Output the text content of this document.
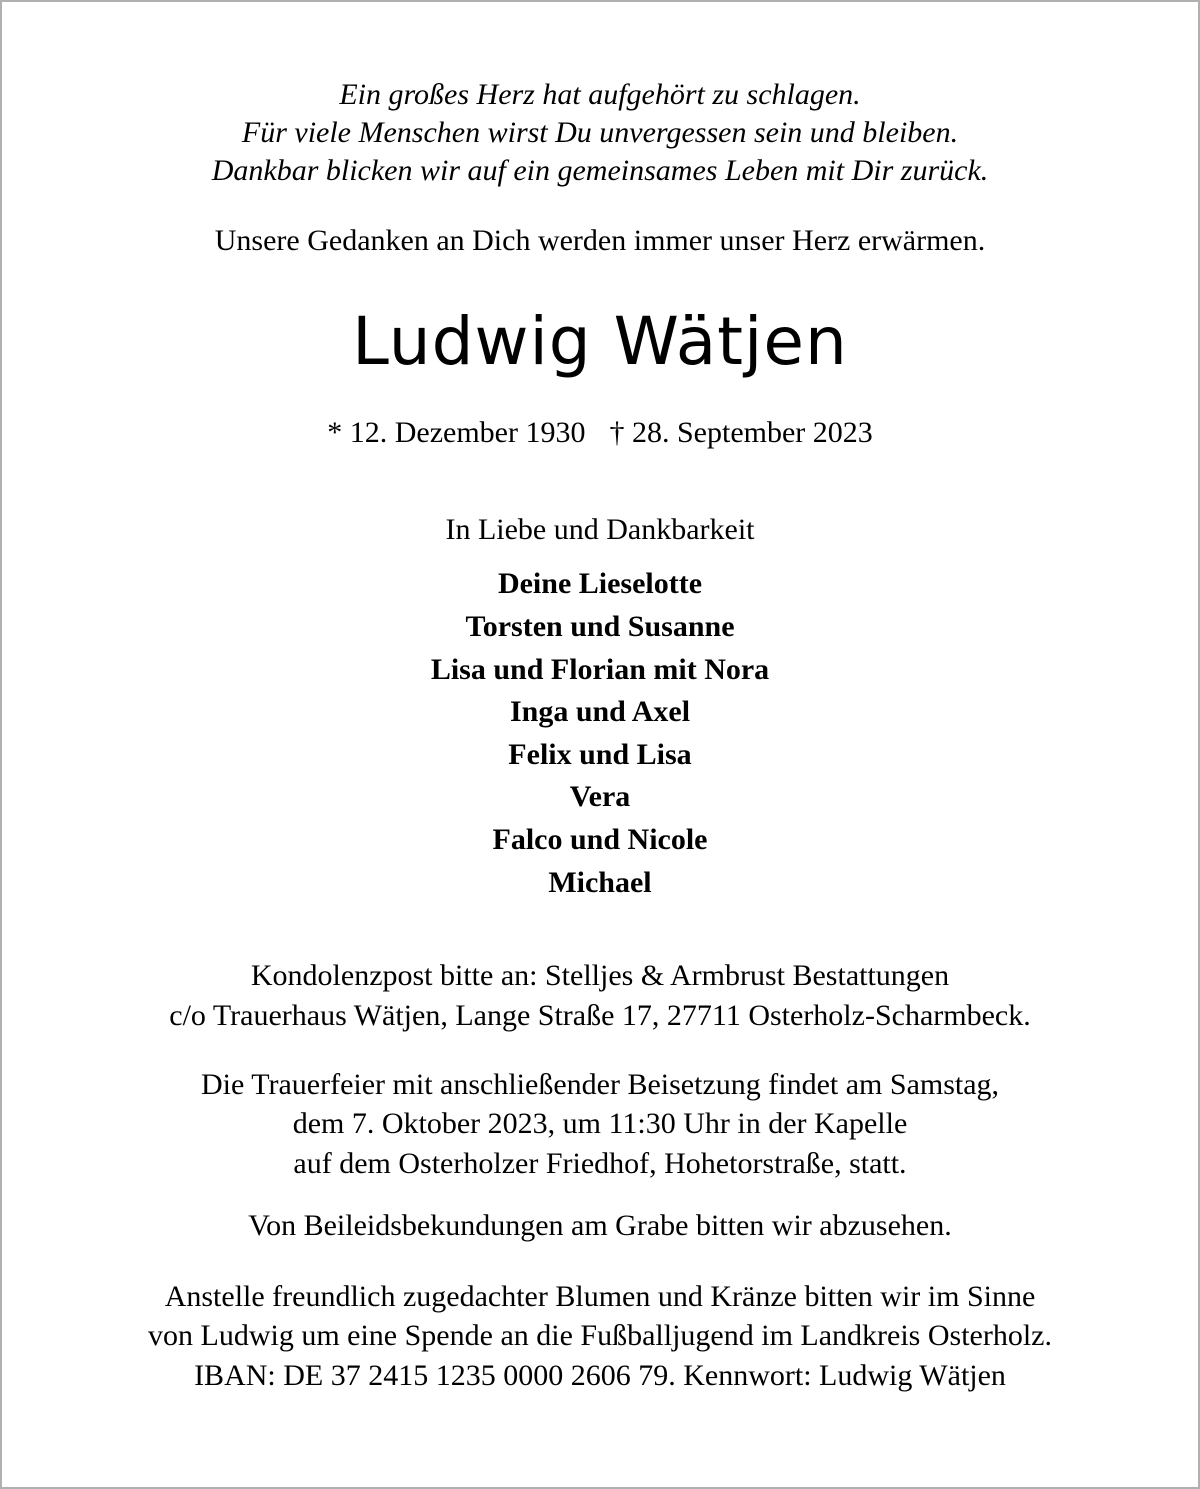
Ein großes Herz hat aufgehört zu schlagen.
Für viele Menschen wirst Du unvergessen sein und bleiben.
Dankbar blicken wir auf ein gemeinsames Leben mit Dir zurück.
Unsere Gedanken an Dich werden immer unser Herz erwärmen.
Ludwig Wätjen
* 12. Dezember 1930 † 28. September 2023
In Liebe und Dankbarkeit
Deine Lieselotte
Torsten und Susanne
Lisa und Florian mit Nora
Inga und Axel
Felix und Lisa
Vera
Falco und Nicole
Michael
Kondolenzpost bitte an: Stelljes & Armbrust Bestattungen
c/o Trauerhaus Wätjen, Lange Straße 17, 27711 Osterholz-Scharmbeck.
Die Trauerfeier mit anschließender Beisetzung findet am Samstag,
dem 7. Oktober 2023, um 11:30 Uhr in der Kapelle
auf dem Osterholzer Friedhof, Hohetorstraße, statt.
Von Beileidsbekundungen am Grabe bitten wir abzusehen.
Anstelle freundlich zugedachter Blumen und Kränze bitten wir im Sinne
von Ludwig um eine Spende an die Fußballjugend im Landkreis Osterholz.
IBAN: DE 37 2415 1235 0000 2606 79. Kennwort: Ludwig Wätjen
